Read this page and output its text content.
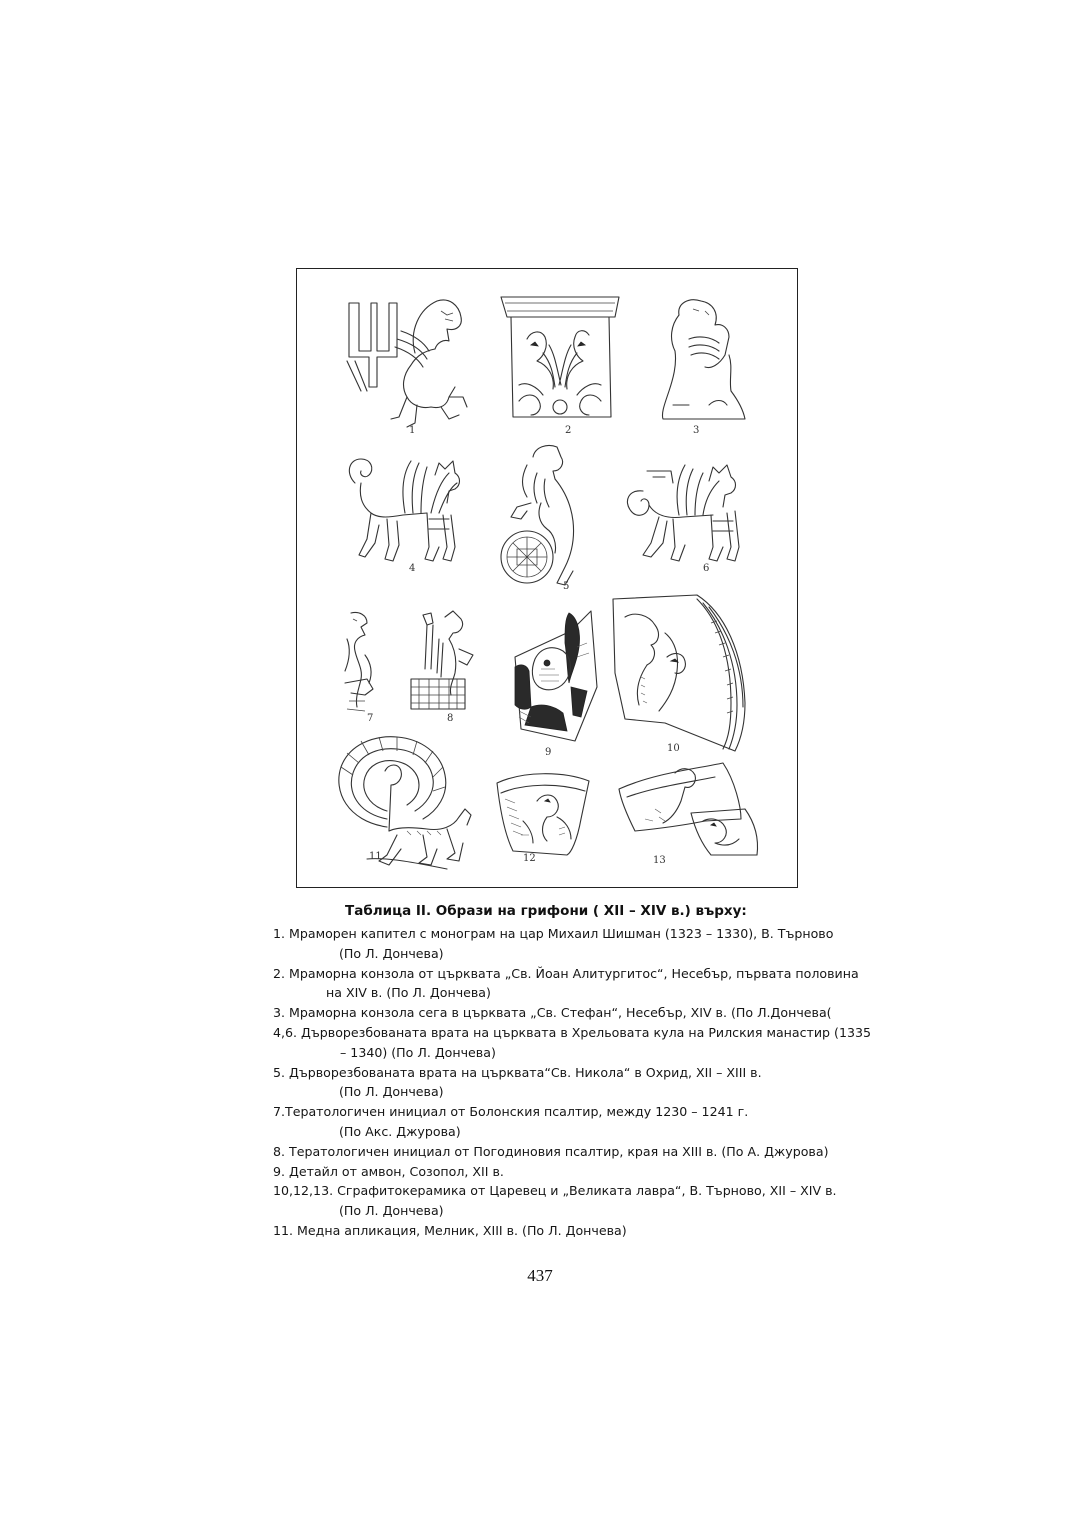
1	2	3
4
5
6
7	8
9	10
11	12	13
Таблица II. Образи на грифони ( XII – XIV в.) върху:
1. Мраморен капител с монограм на цар Михаил Шишман (1323 – 1330), В. Търново
(По Л. Дончева)
2. Мраморна конзола от църквата „Св. Йоан Алитургитос“, Несебър, първата половина
на XIV в. (По Л. Дончева)
3. Мраморна конзола сега в църквата „Св. Стефан“, Несебър, XIV в. (По Л.Дончева(
4,6. Дърворезбованата врата на църквата в Хрельовата кула на Рилския манастир (1335
– 1340) (По Л. Дончева)
5. Дърворезбованата врата на църквата“Св. Никола“ в Охрид, XII – XIII в.
(По Л. Дончева)
7.Тератологичен инициал от Болонския псалтир, между 1230 – 1241 г.
(По Акс. Джурова)
8. Тератологичен инициал от Погодиновия псалтир, края на XIII в. (По А. Джурова)
9. Детайл от амвон, Созопол, XII в.
10,12,13. Сграфитокерамика от Царевец и „Великата лавра“, В. Търново, XII – XIV в.
(По Л. Дончева)
11. Медна апликация, Мелник, XIII в. (По Л. Дончева)
437
